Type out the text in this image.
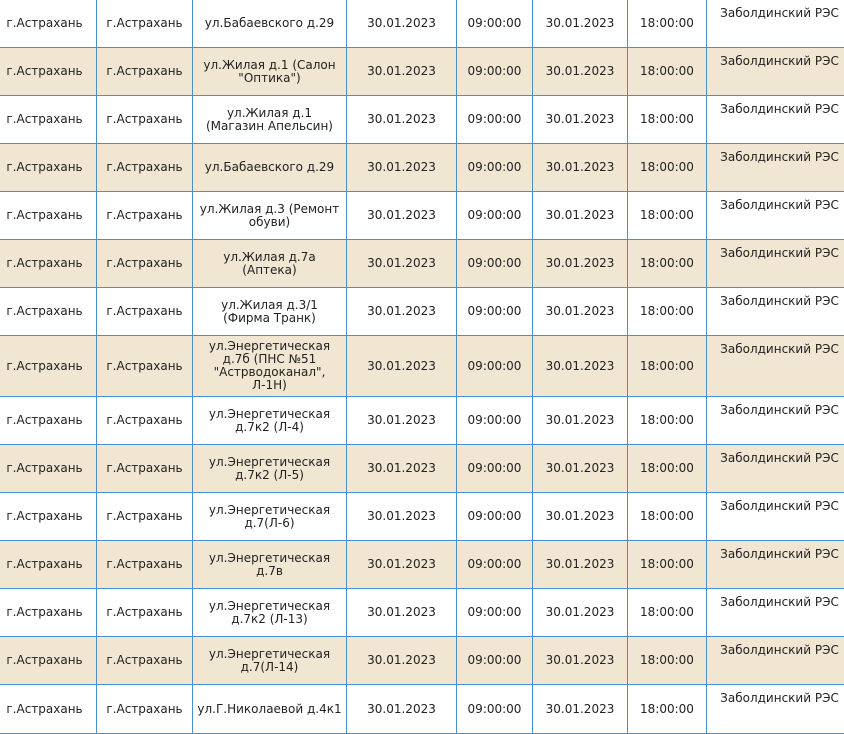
г.Астрахань	г.Астрахань	ул.Бабаевского д.29	30.01.2023	09:00:00	30.01.2023	18:00:00	Заболдинский РЭС
г.Астрахань	г.Астрахань	ул.Жилая д.1 (Салон "Оптика")	30.01.2023	09:00:00	30.01.2023	18:00:00	Заболдинский РЭС
г.Астрахань	г.Астрахань	ул.Жилая д.1 (Магазин Апельсин)	30.01.2023	09:00:00	30.01.2023	18:00:00	Заболдинский РЭС
г.Астрахань	г.Астрахань	ул.Бабаевского д.29	30.01.2023	09:00:00	30.01.2023	18:00:00	Заболдинский РЭС
г.Астрахань	г.Астрахань	ул.Жилая д.3 (Ремонт обуви)	30.01.2023	09:00:00	30.01.2023	18:00:00	Заболдинский РЭС
г.Астрахань	г.Астрахань	ул.Жилая д.7а (Аптека)	30.01.2023	09:00:00	30.01.2023	18:00:00	Заболдинский РЭС
г.Астрахань	г.Астрахань	ул.Жилая д.3/1 (Фирма Транк)	30.01.2023	09:00:00	30.01.2023	18:00:00	Заболдинский РЭС
г.Астрахань	г.Астрахань	ул.Энергетическая д.7б (ПНС №51 "Астрводоканал", Л-1Н)	30.01.2023	09:00:00	30.01.2023	18:00:00	Заболдинский РЭС
г.Астрахань	г.Астрахань	ул.Энергетическая д.7к2 (Л-4)	30.01.2023	09:00:00	30.01.2023	18:00:00	Заболдинский РЭС
г.Астрахань	г.Астрахань	ул.Энергетическая д.7к2 (Л-5)	30.01.2023	09:00:00	30.01.2023	18:00:00	Заболдинский РЭС
г.Астрахань	г.Астрахань	ул.Энергетическая д.7(Л-6)	30.01.2023	09:00:00	30.01.2023	18:00:00	Заболдинский РЭС
г.Астрахань	г.Астрахань	ул.Энергетическая д.7в	30.01.2023	09:00:00	30.01.2023	18:00:00	Заболдинский РЭС
г.Астрахань	г.Астрахань	ул.Энергетическая д.7к2 (Л-13)	30.01.2023	09:00:00	30.01.2023	18:00:00	Заболдинский РЭС
г.Астрахань	г.Астрахань	ул.Энергетическая д.7(Л-14)	30.01.2023	09:00:00	30.01.2023	18:00:00	Заболдинский РЭС
г.Астрахань	г.Астрахань	ул.Г.Николаевой д.4к1	30.01.2023	09:00:00	30.01.2023	18:00:00	Заболдинский РЭС
